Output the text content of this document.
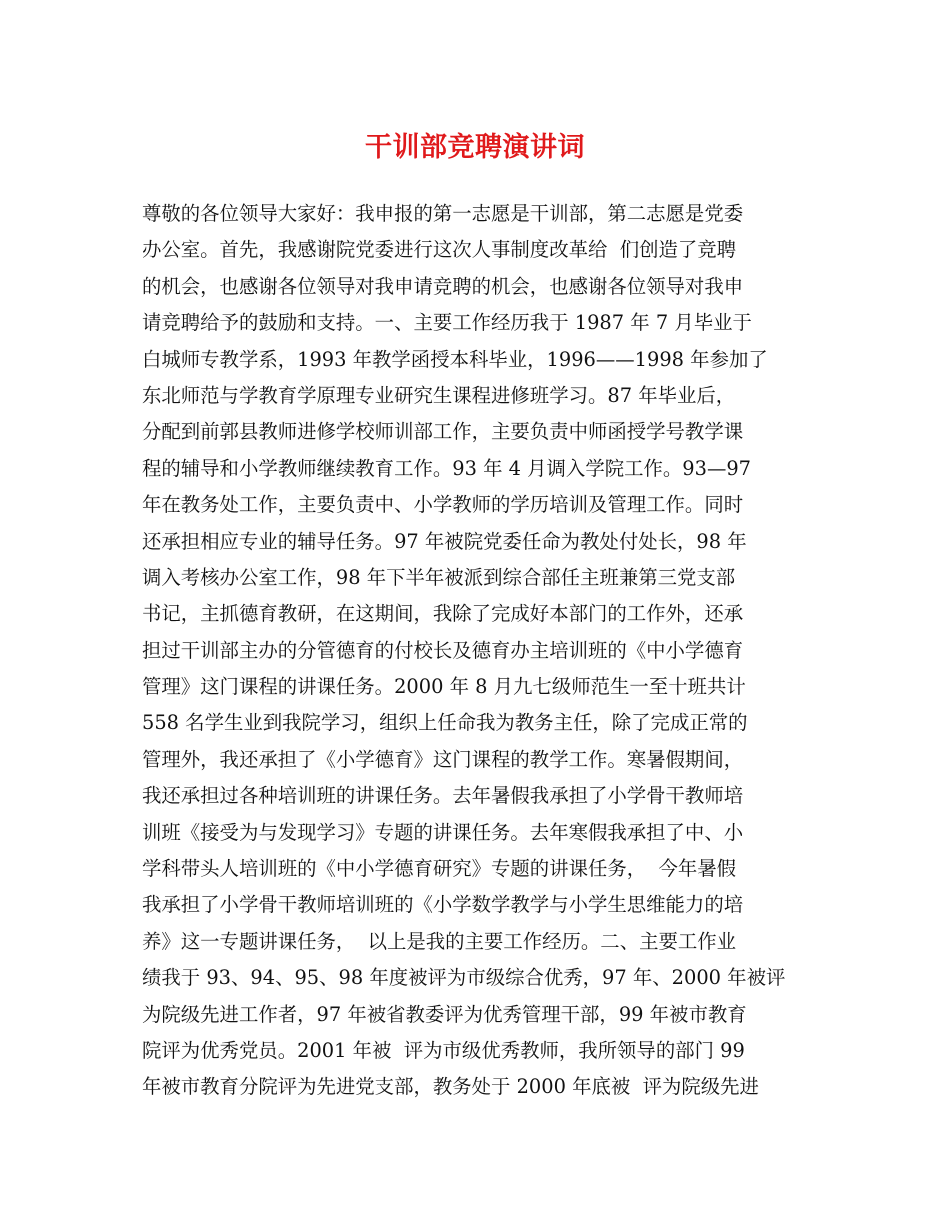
干训部竞聘演讲词
尊敬的各位领导大家好：我申报的第一志愿是干训部，第二志愿是党委
办公室。首先，我感谢院党委进行这次人事制度改革给  们创造了竞聘
的机会，也感谢各位领导对我申请竞聘的机会，也感谢各位领导对我申
请竞聘给予的鼓励和支持。一、主要工作经历我于 1987 年 7 月毕业于
白城师专教学系，1993 年教学函授本科毕业，1996——1998 年参加了
东北师范与学教育学原理专业研究生课程进修班学习。87 年毕业后，
分配到前郭县教师进修学校师训部工作，主要负责中师函授学号教学课
程的辅导和小学教师继续教育工作。93 年 4 月调入学院工作。93—97
年在教务处工作，主要负责中、小学教师的学历培训及管理工作。同时
还承担相应专业的辅导任务。97 年被院党委任命为教处付处长，98 年
调入考核办公室工作，98 年下半年被派到综合部任主班兼第三党支部
书记，主抓德育教研，在这期间，我除了完成好本部门的工作外，还承
担过干训部主办的分管德育的付校长及德育办主培训班的《中小学德育
管理》这门课程的讲课任务。2000 年 8 月九七级师范生一至十班共计
558 名学生业到我院学习，组织上任命我为教务主任，除了完成正常的
管理外，我还承担了《小学德育》这门课程的教学工作。寒暑假期间，
我还承担过各种培训班的讲课任务。去年暑假我承担了小学骨干教师培
训班《接受为与发现学习》专题的讲课任务。去年寒假我承担了中、小
学科带头人培训班的《中小学德育研究》专题的讲课任务，  今年暑假
我承担了小学骨干教师培训班的《小学数学教学与小学生思维能力的培
养》这一专题讲课任务，  以上是我的主要工作经历。二、主要工作业
绩我于 93、94、95、98 年度被评为市级综合优秀，97 年、2000 年被评
为院级先进工作者，97 年被省教委评为优秀管理干部，99 年被市教育
院评为优秀党员。2001 年被  评为市级优秀教师，我所领导的部门 99
年被市教育分院评为先进党支部，教务处于 2000 年底被  评为院级先进
